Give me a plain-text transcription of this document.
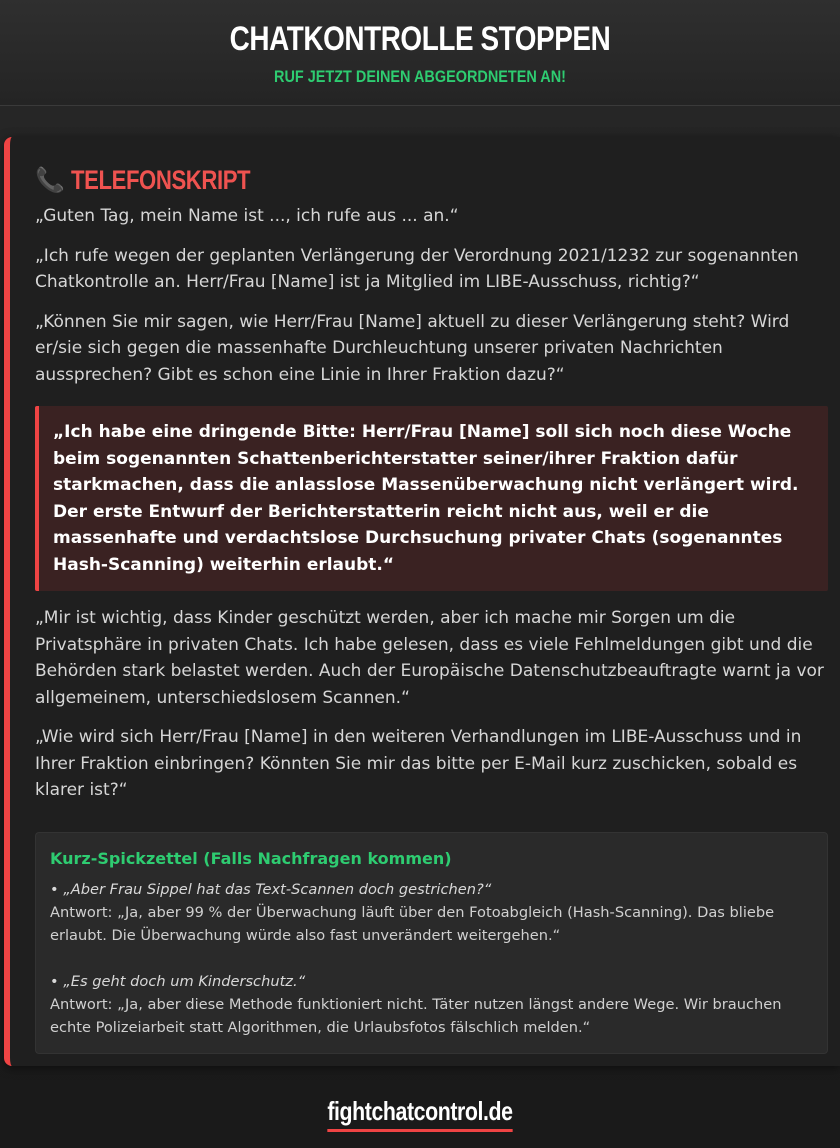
CHATKONTROLLE STOPPEN
RUF JETZT DEINEN ABGEORDNETEN AN!
📞 TELEFONSKRIPT

„Guten Tag, mein Name ist ..., ich rufe aus ... an.“

„Ich rufe wegen der geplanten Verlängerung der Verordnung 2021/1232 zur sogenannten Chatkontrolle an. Herr/Frau [Name] ist ja Mitglied im LIBE-Ausschuss, richtig?“

„Können Sie mir sagen, wie Herr/Frau [Name] aktuell zu dieser Verlängerung steht? Wird er/sie sich gegen die massenhafte Durchleuchtung unserer privaten Nachrichten aussprechen? Gibt es schon eine Linie in Ihrer Fraktion dazu?“

„Ich habe eine dringende Bitte: Herr/Frau [Name] soll sich noch diese Woche beim sogenannten Schattenberichterstatter seiner/ihrer Fraktion dafür starkmachen, dass die anlasslose Massenüberwachung nicht verlängert wird. Der erste Entwurf der Berichterstatterin reicht nicht aus, weil er die massenhafte und verdachtslose Durchsuchung privater Chats (sogenanntes Hash-Scanning) weiterhin erlaubt.“

„Mir ist wichtig, dass Kinder geschützt werden, aber ich mache mir Sorgen um die Privatsphäre in privaten Chats. Ich habe gelesen, dass es viele Fehlmeldungen gibt und die Behörden stark belastet werden. Auch der Europäische Datenschutzbeauftragte warnt ja vor allgemeinem, unterschiedslosem Scannen.“

„Wie wird sich Herr/Frau [Name] in den weiteren Verhandlungen im LIBE-Ausschuss und in Ihrer Fraktion einbringen? Könnten Sie mir das bitte per E-Mail kurz zuschicken, sobald es klarer ist?“

Kurz-Spickzettel (Falls Nachfragen kommen)
• „Aber Frau Sippel hat das Text-Scannen doch gestrichen?“
Antwort: „Ja, aber 99 % der Überwachung läuft über den Fotoabgleich (Hash-Scanning). Das bliebe erlaubt. Die Überwachung würde also fast unverändert weitergehen.“
• „Es geht doch um Kinderschutz.“
Antwort: „Ja, aber diese Methode funktioniert nicht. Täter nutzen längst andere Wege. Wir brauchen echte Polizeiarbeit statt Algorithmen, die Urlaubsfotos fälschlich melden.“
fightchatcontrol.de
